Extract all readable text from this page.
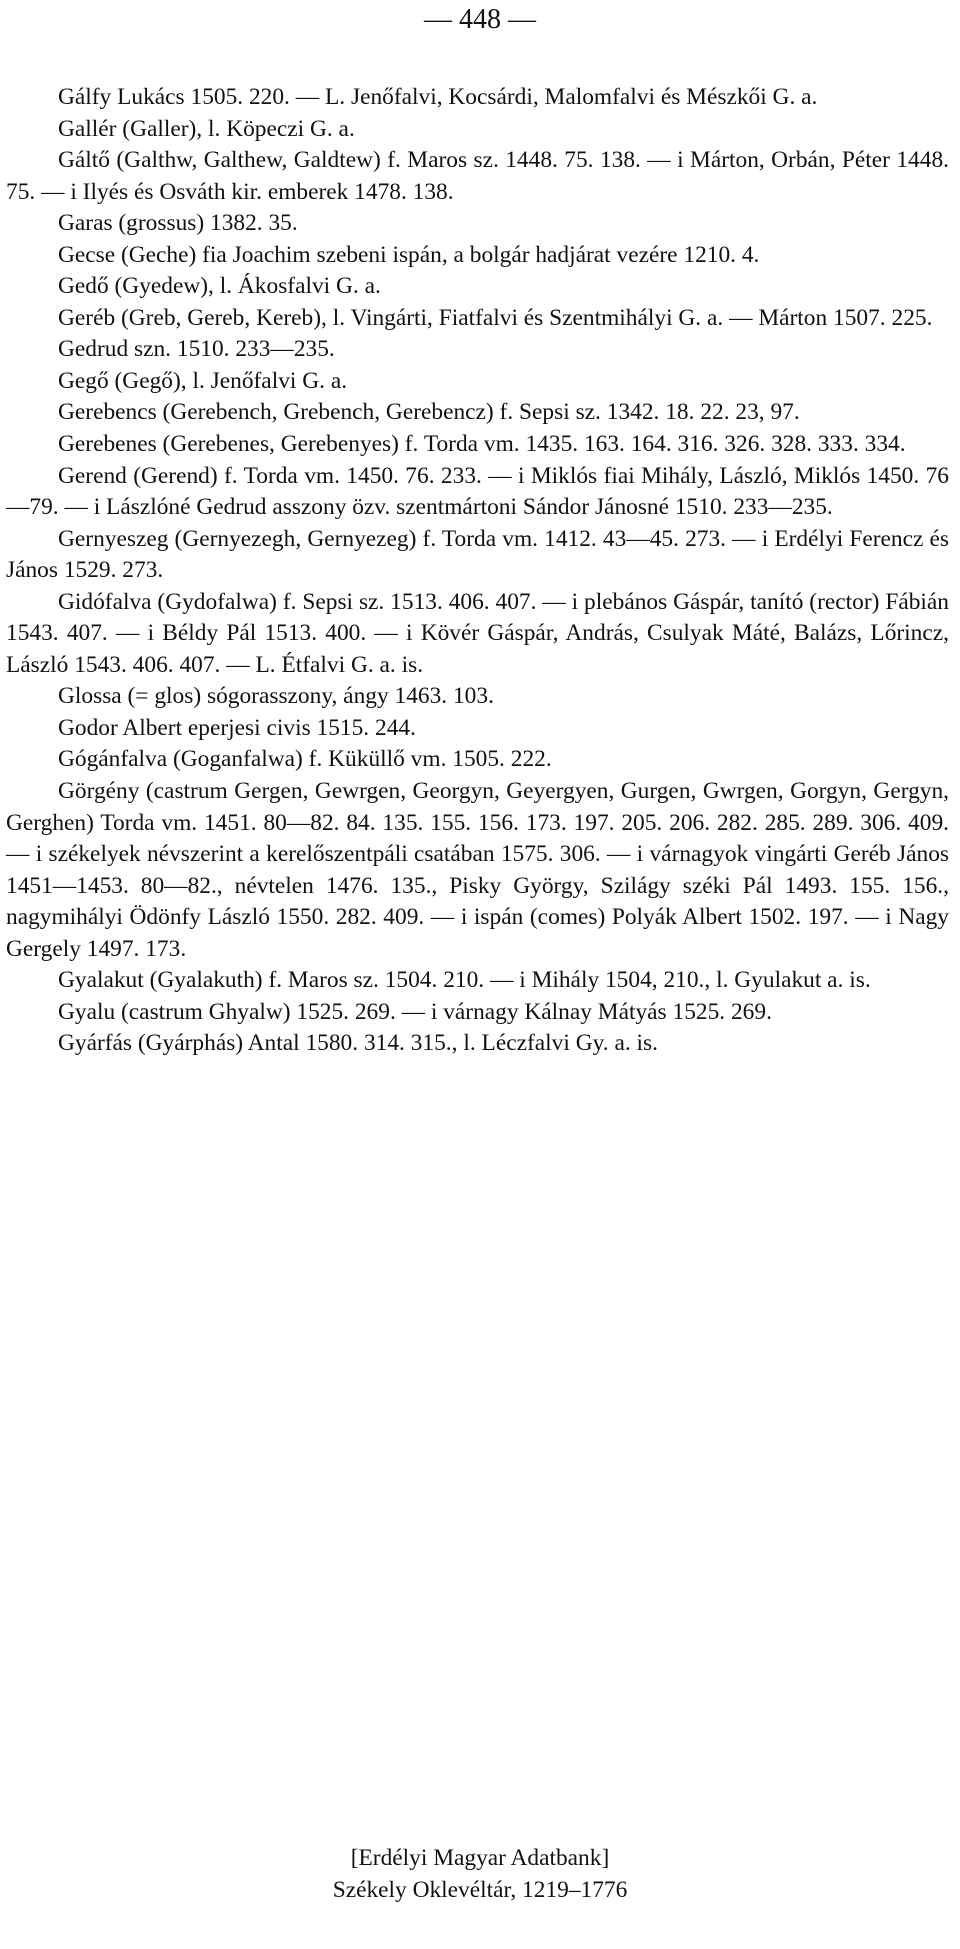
— 448 —

Gálfy Lukács 1505. 220. — L. Jenőfalvi, Kocsárdi, Malomfalvi és Mészkői G. a.

Gallér (Galler), l. Köpeczi G. a.

Gáltő (Galthw, Galthew, Galdtew) f. Maros sz. 1448. 75. 138. — i Márton, Orbán, Péter 1448. 75. — i Ilyés és Osváth kir. emberek 1478. 138.

Garas (grossus) 1382. 35.

Gecse (Geche) fia Joachim szebeni ispán, a bolgár hadjárat vezére 1210. 4.

Gedő (Gyedew), l. Ákosfalvi G. a.

Geréb (Greb, Gereb, Kereb), l. Vingárti, Fiatfalvi és Szentmihályi G. a. — Márton 1507. 225.

Gedrud szn. 1510. 233—235.

Gegő (Gegő), l. Jenőfalvi G. a.

Gerebencs (Gerebench, Grebench, Gerebencz) f. Sepsi sz. 1342. 18. 22. 23, 97.

Gerebenes (Gerebenes, Gerebenyes) f. Torda vm. 1435. 163. 164. 316. 326. 328. 333. 334.

Gerend (Gerend) f. Torda vm. 1450. 76. 233. — i Miklós fiai Mihály, László, Miklós 1450. 76—79. — i Lászlóné Gedrud asszony özv. szentmártoni Sándor Jánosné 1510. 233—235.

Gernyeszeg (Gernyezegh, Gernyezeg) f. Torda vm. 1412. 43—45. 273. — i Erdélyi Ferencz és János 1529. 273.

Gidófalva (Gydofalwa) f. Sepsi sz. 1513. 406. 407. — i plebános Gáspár, tanító (rector) Fábián 1543. 407. — i Béldy Pál 1513. 400. — i Kövér Gáspár, András, Csulyak Máté, Balázs, Lőrincz, László 1543. 406. 407. — L. Étfalvi G. a. is.

Glossa (= glos) sógorasszony, ángy 1463. 103.

Godor Albert eperjesi civis 1515. 244.

Gógánfalva (Goganfalwa) f. Küküllő vm. 1505. 222.

Görgény (castrum Gergen, Gewrgen, Georgyn, Geyergyen, Gurgen, Gwrgen, Gorgyn, Gergyn, Gerghen) Torda vm. 1451. 80—82. 84. 135. 155. 156. 173. 197. 205. 206. 282. 285. 289. 306. 409. — i székelyek névszerint a kerelőszentpáli csatában 1575. 306. — i várnagyok vingárti Geréb János 1451—1453. 80—82., névtelen 1476. 135., Pisky György, Szilágy széki Pál 1493. 155. 156., nagymihályi Ödönfy László 1550. 282. 409. — i ispán (comes) Polyák Albert 1502. 197. — i Nagy Gergely 1497. 173.

Gyalakut (Gyalakuth) f. Maros sz. 1504. 210. — i Mihály 1504, 210., l. Gyulakut a. is.

Gyalu (castrum Ghyalw) 1525. 269. — i várnagy Kálnay Mátyás 1525. 269.

Gyárfás (Gyárphás) Antal 1580. 314. 315., l. Léczfalvi Gy. a. is.

[Erdélyi Magyar Adatbank]
Székely Oklevéltár, 1219–1776
